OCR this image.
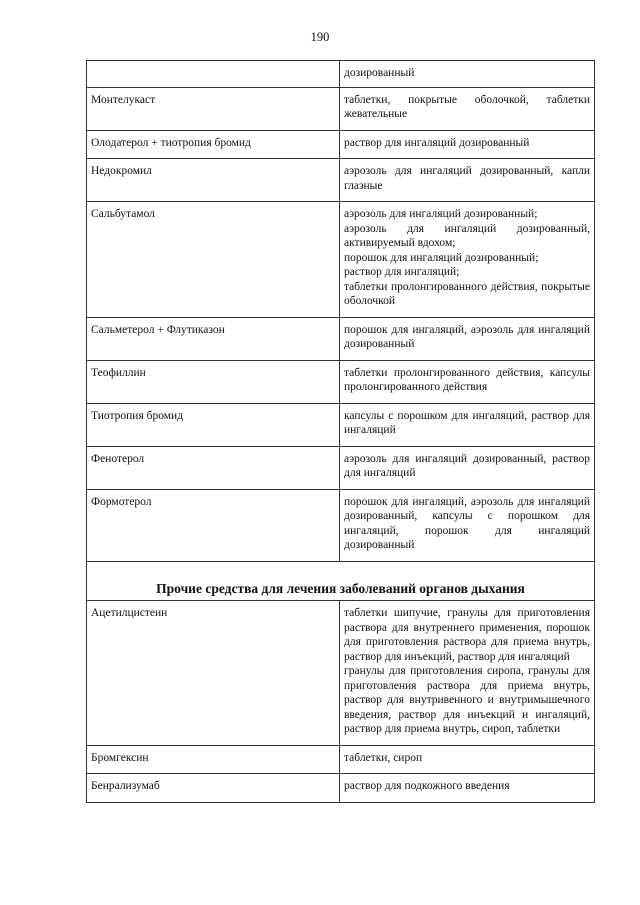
190

	дозированный

Монтелукаст	таблетки, покрытые оболочкой, таблетки жевательные

Олодатерол + тиотропия бромид	раствор для ингаляций дозированный

Недокромил	аэрозоль для ингаляций дозированный, капли глазные

Сальбутамол	аэрозоль для ингаляций дозированный;
аэрозоль для ингаляций дозированный, активируемый вдохом;
порошок для ингаляций дозированный;
раствор для ингаляций;
таблетки пролонгированного действия, покрытые оболочкой

Сальметерол + Флутиказон	порошок для ингаляций, аэрозоль для ингаляций дозированный

Теофиллин	таблетки пролонгированного действия, капсулы пролонгированного действия

Тиотропия бромид	капсулы с порошком для ингаляций, раствор для ингаляций

Фенотерол	аэрозоль для ингаляций дозированный, раствор для ингаляций

Формотерол	порошок для ингаляций, аэрозоль для ингаляций дозированный, капсулы с порошком для ингаляций, порошок для ингаляций дозированный

Прочие средства для лечения заболеваний органов дыхания	
Ацетилцистеин	таблетки шипучие, гранулы для приготовления раствора для внутреннего применения, порошок для приготовления раствора для приема внутрь, раствор для инъекций, раствор для ингаляций
гранулы для приготовления сиропа, гранулы для приготовления раствора для приема внутрь, раствор для внутривенного и внутримышечного введения, раствор для инъекций и ингаляций, раствор для приема внутрь, сироп, таблетки

Бромгексин	таблетки, сироп

Бенрализумаб	раствор для подкожного введения
